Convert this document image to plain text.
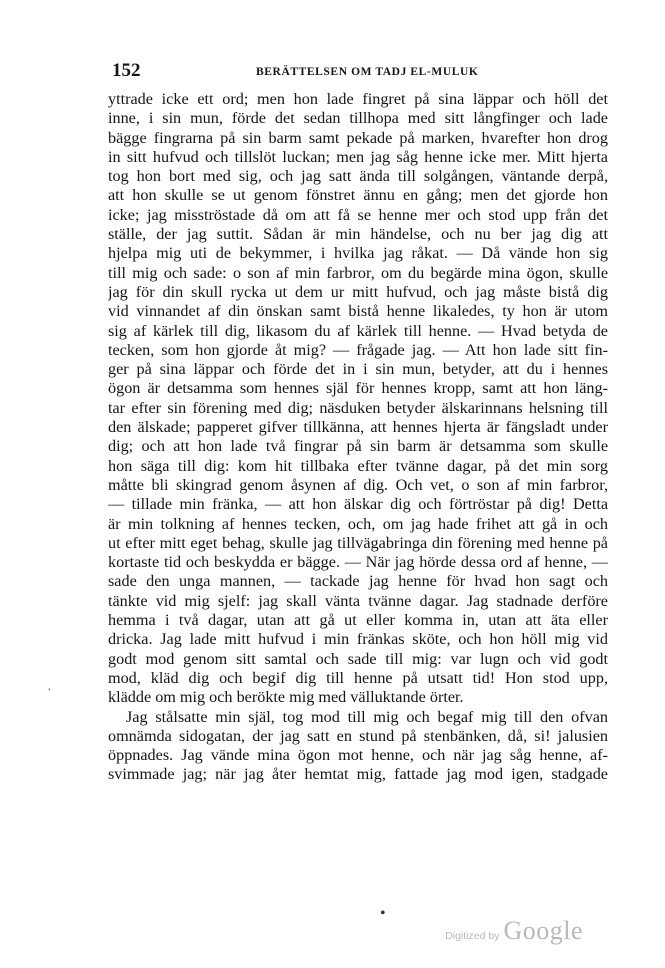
152	BERÄTTELSEN OM TADJ EL-MULUK
yttrade icke ett ord; men hon lade fingret på sina läppar och höll det
inne, i sin mun, förde det sedan tillhopa med sitt långfinger och lade
bägge fingrarna på sin barm samt pekade på marken, hvarefter hon drog
in sitt hufvud och tillslöt luckan; men jag såg henne icke mer. Mitt hjerta
tog hon bort med sig, och jag satt ända till solgången, väntande derpå,
att hon skulle se ut genom fönstret ännu en gång; men det gjorde hon
icke; jag misströstade då om att få se henne mer och stod upp från det
ställe, der jag suttit. Sådan är min händelse, och nu ber jag dig att
hjelpa mig uti de bekymmer, i hvilka jag råkat. — Då vände hon sig
till mig och sade: o son af min farbror, om du begärde mina ögon, skulle
jag för din skull rycka ut dem ur mitt hufvud, och jag måste bistå dig
vid vinnandet af din önskan samt bistå henne likaledes, ty hon är utom
sig af kärlek till dig, likasom du af kärlek till henne. — Hvad betyda de
tecken, som hon gjorde åt mig? — frågade jag. — Att hon lade sitt fin-
ger på sina läppar och förde det in i sin mun, betyder, att du i hennes
ögon är detsamma som hennes själ för hennes kropp, samt att hon läng-
tar efter sin förening med dig; näsduken betyder älskarinnans helsning till
den älskade; papperet gifver tillkänna, att hennes hjerta är fängsladt under
dig; och att hon lade två fingrar på sin barm är detsamma som skulle
hon säga till dig: kom hit tillbaka efter tvänne dagar, på det min sorg
måtte bli skingrad genom åsynen af dig. Och vet, o son af min farbror,
— tillade min fränka, — att hon älskar dig och förtröstar på dig! Detta
är min tolkning af hennes tecken, och, om jag hade frihet att gå in och
ut efter mitt eget behag, skulle jag tillvägabringa din förening med henne på
kortaste tid och beskydda er bägge. — När jag hörde dessa ord af henne, —
sade den unga mannen, — tackade jag henne för hvad hon sagt och
tänkte vid mig sjelf: jag skall vänta tvänne dagar. Jag stadnade derföre
hemma i två dagar, utan att gå ut eller komma in, utan att äta eller
dricka. Jag lade mitt hufvud i min fränkas sköte, och hon höll mig vid
godt mod genom sitt samtal och sade till mig: var lugn och vid godt
mod, kläd dig och begif dig till henne på utsatt tid! Hon stod upp,
klädde om mig och berökte mig med välluktande örter.
Jag stålsatte min själ, tog mod till mig och begaf mig till den ofvan
omnämda sidogatan, der jag satt en stund på stenbänken, då, si! jalusien
öppnades. Jag vände mina ögon mot henne, och när jag såg henne, af-
svimmade jag; när jag åter hemtat mig, fattade jag mod igen, stadgade
·
•
Digitized by Google
